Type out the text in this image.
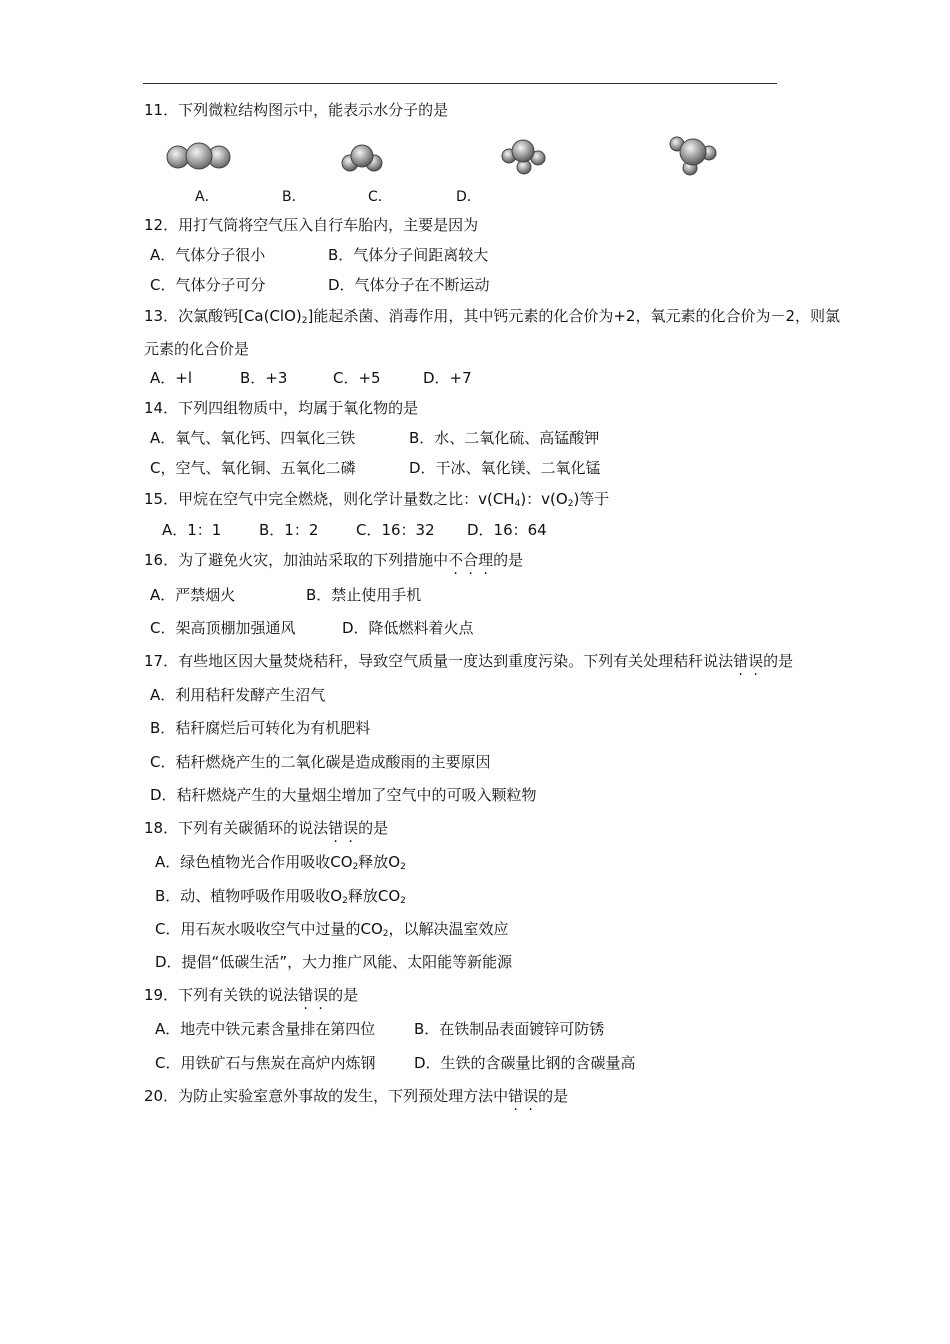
11．下列微粒结构图示中，能表示水分子的是
A．	B．	C．	D．
12．用打气筒将空气压入自行车胎内，主要是因为
A．气体分子很小	B．气体分子间距离较大
C．气体分子可分	D．气体分子在不断运动
13．次氯酸钙$[Ca(ClO)_2]$能起杀菌、消毒作用，其中钙元素的化合价为+2，氧元素的化合价为－2，则氯
元素的化合价是
A．+l	B．+3	C．+5	D．+7
14．下列四组物质中，均属于氧化物的是
A．氧气、氧化钙、四氧化三铁	B．水、二氧化硫、高锰酸钾
C，空气、氧化铜、五氧化二磷	D．干冰、氧化镁、二氧化锰
15．甲烷在空气中完全燃烧，则化学计量数之比：$v(CH_4)$：$v(O_2)$等于
A．1：1	B．1：2	C．16：32 D．16：64
16．为了避免火灾，加油站采取的下列措施中不合理的是
A．严禁烟火	B．禁止使用手机
C．架高顶棚加强通风	D．降低燃料着火点
17．有些地区因大量焚烧秸秆，导致空气质量一度达到重度污染。下列有关处理秸秆说法错误的是
A．利用秸秆发酵产生沼气
B．秸秆腐烂后可转化为有机肥料
C．秸秆燃烧产生的二氧化碳是造成酸雨的主要原因
D．秸秆燃烧产生的大量烟尘增加了空气中的可吸入颗粒物
18．下列有关碳循环的说法错误的是
A．绿色植物光合作用吸收$CO_2$释放$O_2$
B．动、植物呼吸作用吸收$O_2$释放$CO_2$
C．用石灰水吸收空气中过量的$CO_2$，以解决温室效应
D．提倡“低碳生活”，大力推广风能、太阳能等新能源
19．下列有关铁的说法错误的是
A．地壳中铁元素含量排在第四位	B．在铁制品表面镀锌可防锈
C．用铁矿石与焦炭在高炉内炼钢	D．生铁的含碳量比钢的含碳量高
20．为防止实验室意外事故的发生，下列预处理方法中错误的是
